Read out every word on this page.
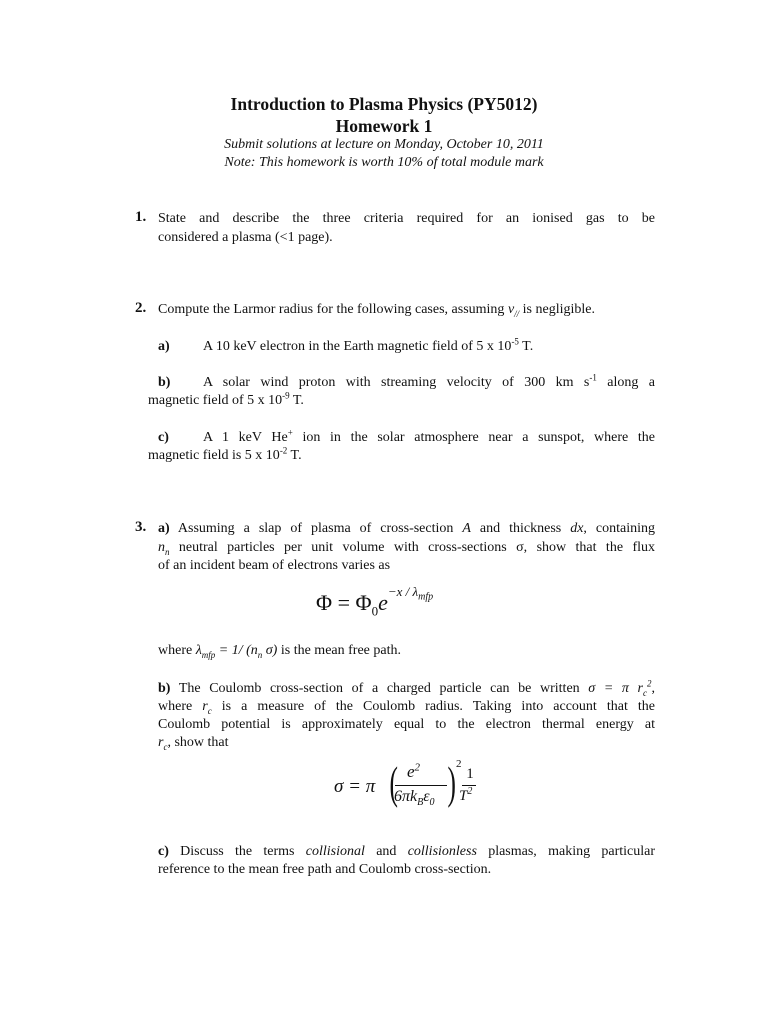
Introduction to Plasma Physics (PY5012)
Homework 1
Submit solutions at lecture on Monday, October 10, 2011
Note: This homework is worth 10% of total module mark
1. State and describe the three criteria required for an ionised gas to be
considered a plasma (<1 page).
2. Compute the Larmor radius for the following cases, assuming $v_{//}$ is negligible.
a) A 10 keV electron in the Earth magnetic field of 5 x $10^{-5}$ T.
b) A solar wind proton with streaming velocity of 300 km $s^{-1}$ along a
magnetic field of 5 x $10^{-9}$ T.
c) A 1 keV He+ ion in the solar atmosphere near a sunspot, where the
magnetic field is 5 x $10^{-2}$ T.
3. a) Assuming a slap of plasma of cross-section A and thickness dx, containing
$n_n$ neutral particles per unit volume with cross-sections σ, show that the flux
of an incident beam of electrons varies as
$\Phi = \Phi_0e^{-x / \lambda_{mfp}}$
where $\lambda_{mfp} = 1/$ ($n_n$ σ) is the mean free path.
b) The Coulomb cross-section of a charged particle can be written σ = π $r_c^2$,
where $r_c$ is a measure of the Coulomb radius. Taking into account that the
Coulomb potential is approximately equal to the electron thermal energy at
$r_c$, show that
σ = π ( $e^2$
$6\pi k_B\varepsilon_0$ ) 2
1
$T^2$
c) Discuss the terms collisional and collisionless plasmas, making particular
reference to the mean free path and Coulomb cross-section.
